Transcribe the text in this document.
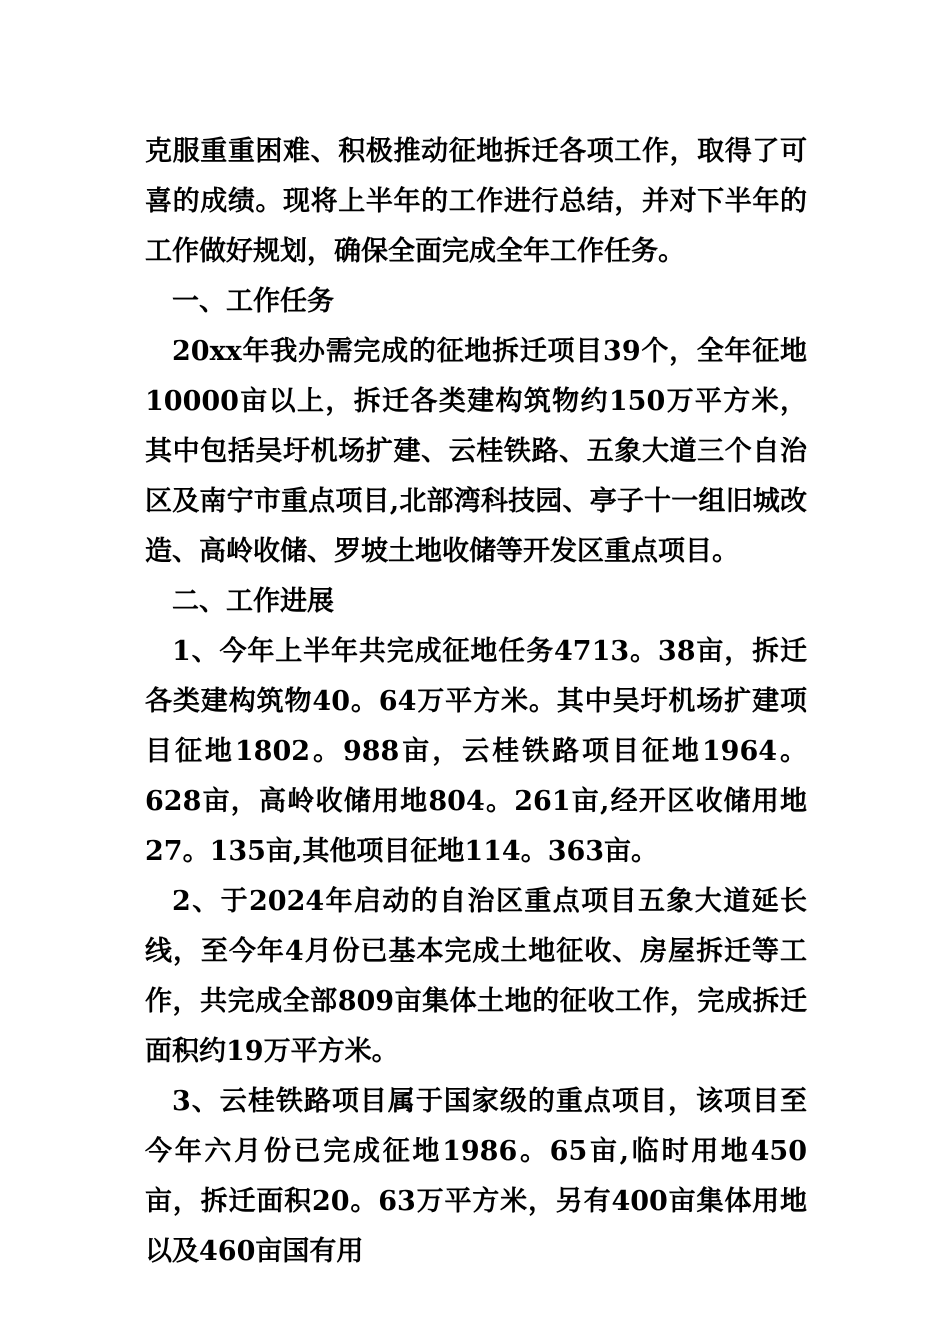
克服重重困难、积极推动征地拆迁各项工作，取得了可喜的成绩。现将上半年的工作进行总结，并对下半年的工作做好规划，确保全面完成全年工作任务。

一、工作任务

20xx年我办需完成的征地拆迁项目39个，全年征地10000亩以上，拆迁各类建构筑物约150万平方米，其中包括吴圩机场扩建、云桂铁路、五象大道三个自治区及南宁市重点项目,北部湾科技园、亭子十一组旧城改造、高岭收储、罗坡土地收储等开发区重点项目。

二、工作进展

1、今年上半年共完成征地任务4713。38亩，拆迁各类建构筑物40。64万平方米。其中吴圩机场扩建项目征地1802。988亩，云桂铁路项目征地1964。628亩，高岭收储用地804。261亩,经开区收储用地27。135亩,其他项目征地114。363亩。

2、于2024年启动的自治区重点项目五象大道延长线，至今年4月份已基本完成土地征收、房屋拆迁等工作，共完成全部809亩集体土地的征收工作，完成拆迁面积约19万平方米。

3、云桂铁路项目属于国家级的重点项目，该项目至今年六月份已完成征地1986。65亩,临时用地450亩，拆迁面积20。63万平方米，另有400亩集体用地以及460亩国有用
